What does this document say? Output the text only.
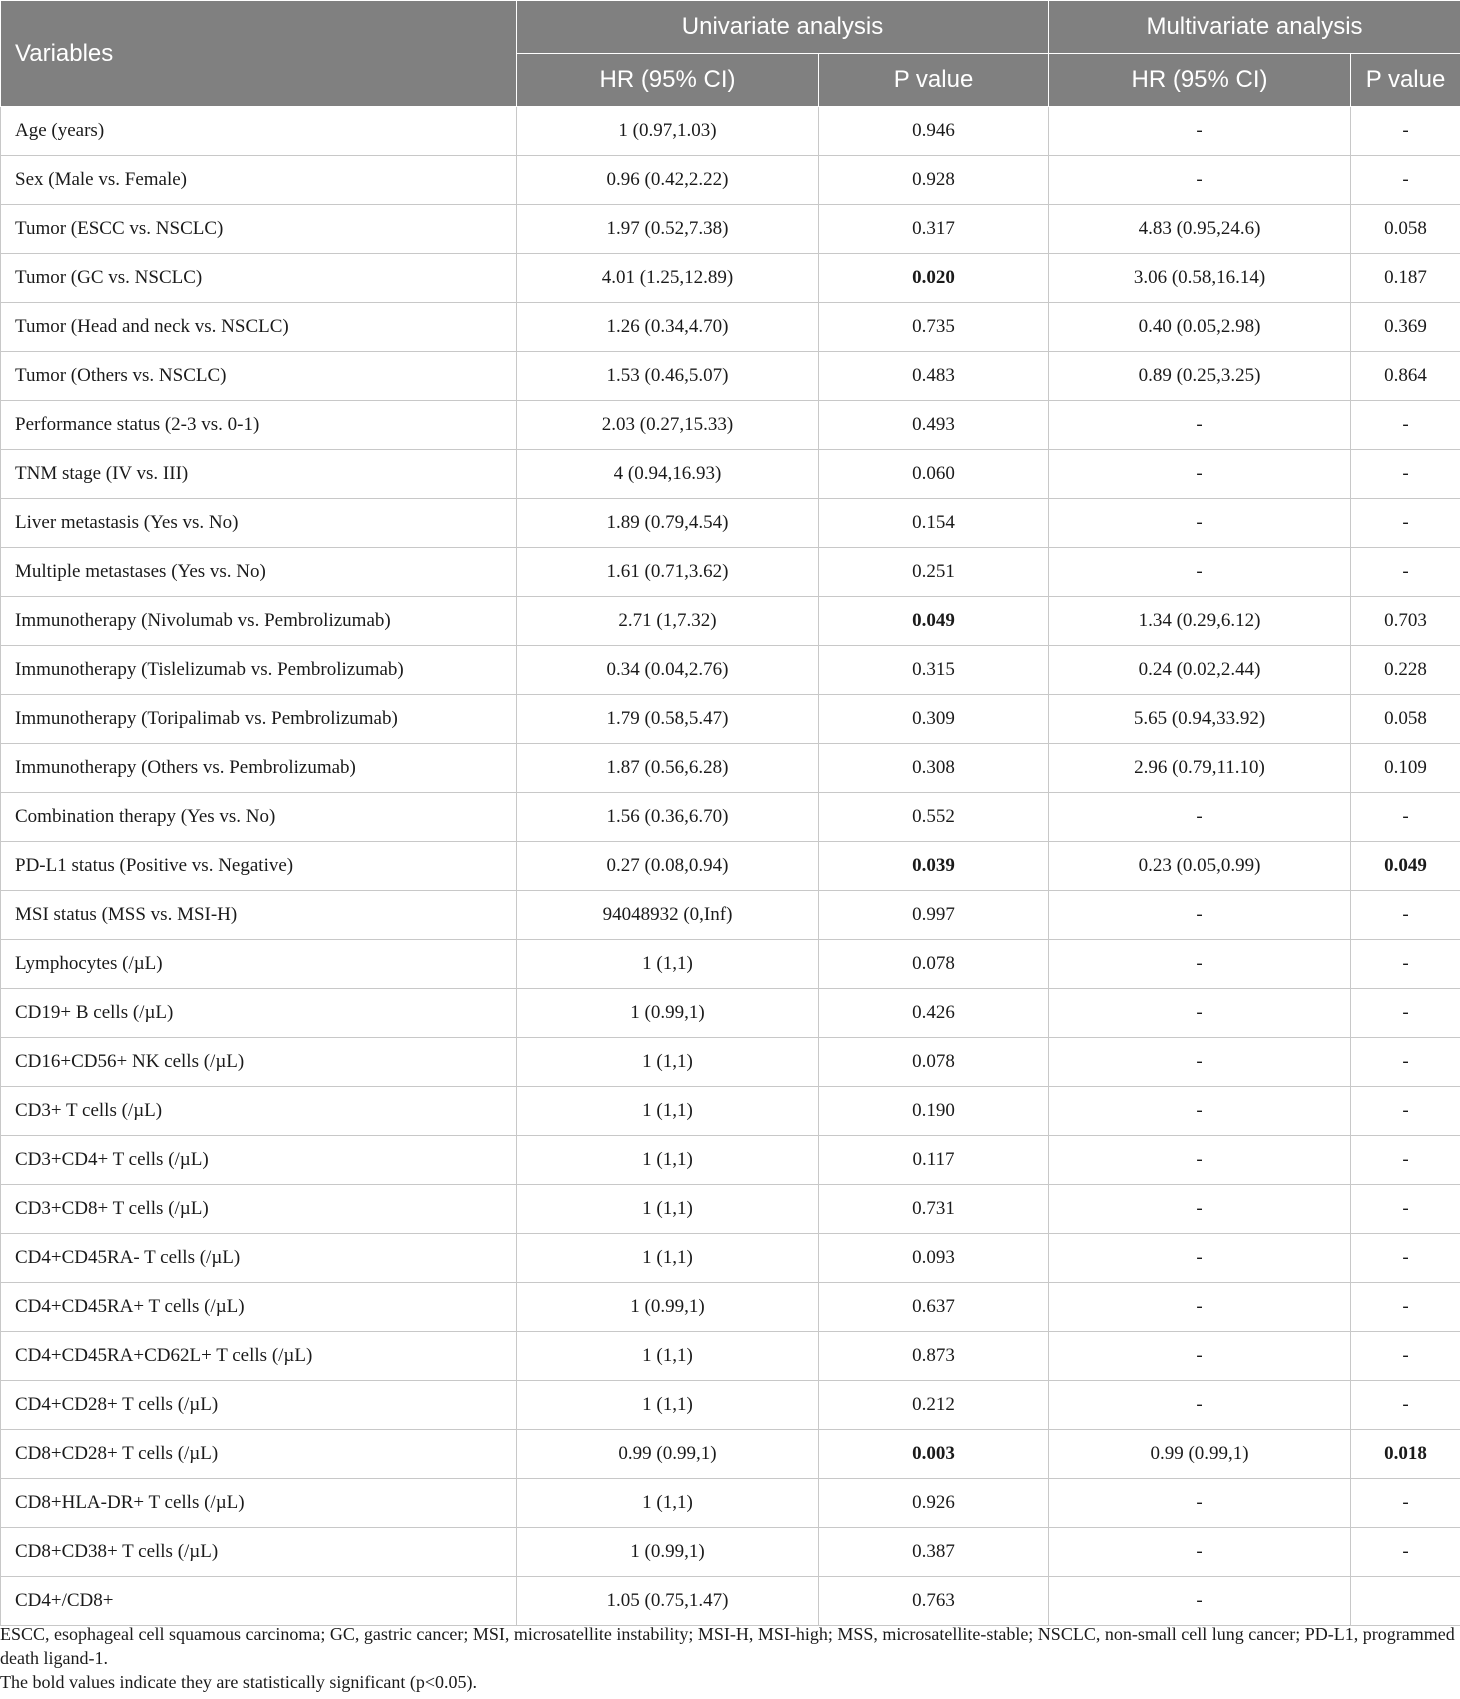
Variables	Univariate analysis		Multivariate analysis	
	HR (95% CI)	P value	HR (95% CI)	P value
Age (years)	1 (0.97,1.03)	0.946	-	-
Sex (Male vs. Female)	0.96 (0.42,2.22)	0.928	-	-
Tumor (ESCC vs. NSCLC)	1.97 (0.52,7.38)	0.317	4.83 (0.95,24.6)	0.058
Tumor (GC vs. NSCLC)	4.01 (1.25,12.89)	0.020	3.06 (0.58,16.14)	0.187
Tumor (Head and neck vs. NSCLC)	1.26 (0.34,4.70)	0.735	0.40 (0.05,2.98)	0.369
Tumor (Others vs. NSCLC)	1.53 (0.46,5.07)	0.483	0.89 (0.25,3.25)	0.864
Performance status (2-3 vs. 0-1)	2.03 (0.27,15.33)	0.493	-	-
TNM stage (IV vs. III)	4 (0.94,16.93)	0.060	-	-
Liver metastasis (Yes vs. No)	1.89 (0.79,4.54)	0.154	-	-
Multiple metastases (Yes vs. No)	1.61 (0.71,3.62)	0.251	-	-
Immunotherapy (Nivolumab vs. Pembrolizumab)	2.71 (1,7.32)	0.049	1.34 (0.29,6.12)	0.703
Immunotherapy (Tislelizumab vs. Pembrolizumab)	0.34 (0.04,2.76)	0.315	0.24 (0.02,2.44)	0.228
Immunotherapy (Toripalimab vs. Pembrolizumab)	1.79 (0.58,5.47)	0.309	5.65 (0.94,33.92)	0.058
Immunotherapy (Others vs. Pembrolizumab)	1.87 (0.56,6.28)	0.308	2.96 (0.79,11.10)	0.109
Combination therapy (Yes vs. No)	1.56 (0.36,6.70)	0.552	-	-
PD-L1 status (Positive vs. Negative)	0.27 (0.08,0.94)	0.039	0.23 (0.05,0.99)	0.049
MSI status (MSS vs. MSI-H)	94048932 (0,Inf)	0.997	-	-
Lymphocytes (/µL)	1 (1,1)	0.078	-	-
CD19+ B cells (/µL)	1 (0.99,1)	0.426	-	-
CD16+CD56+ NK cells (/µL)	1 (1,1)	0.078	-	-
CD3+ T cells (/µL)	1 (1,1)	0.190	-	-
CD3+CD4+ T cells (/µL)	1 (1,1)	0.117	-	-
CD3+CD8+ T cells (/µL)	1 (1,1)	0.731	-	-
CD4+CD45RA- T cells (/µL)	1 (1,1)	0.093	-	-
CD4+CD45RA+ T cells (/µL)	1 (0.99,1)	0.637	-	-
CD4+CD45RA+CD62L+ T cells (/µL)	1 (1,1)	0.873	-	-
CD4+CD28+ T cells (/µL)	1 (1,1)	0.212	-	-
CD8+CD28+ T cells (/µL)	0.99 (0.99,1)	0.003	0.99 (0.99,1)	0.018
CD8+HLA-DR+ T cells (/µL)	1 (1,1)	0.926	-	-
CD8+CD38+ T cells (/µL)	1 (0.99,1)	0.387	-	-
CD4+/CD8+	1.05 (0.75,1.47)	0.763	-	

ESCC, esophageal cell squamous carcinoma; GC, gastric cancer; MSI, microsatellite instability; MSI-H, MSI-high; MSS, microsatellite-stable; NSCLC, non-small cell lung cancer; PD-L1, programmed death ligand-1.

The bold values indicate they are statistically significant (p<0.05).
